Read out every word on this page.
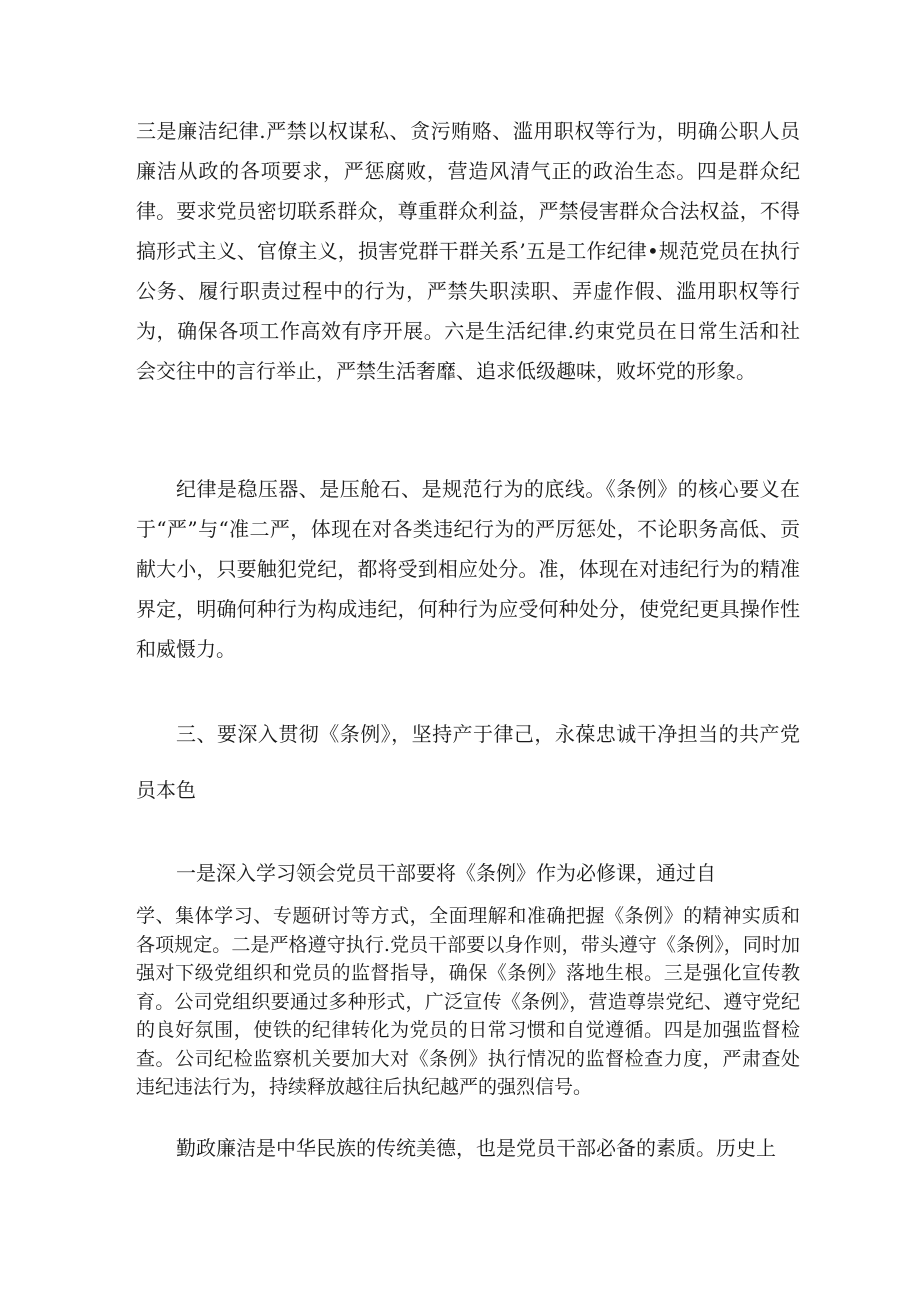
三是廉洁纪律.严禁以权谋私、贪污贿赂、滥用职权等行为，明确公职人员廉洁从政的各项要求，严惩腐败，营造风清气正的政治生态。四是群众纪律。要求党员密切联系群众，尊重群众利益，严禁侵害群众合法权益，不得搞形式主义、官僚主义，损害党群干群关系’五是工作纪律•规范党员在执行公务、履行职责过程中的行为，严禁失职渎职、弄虚作假、滥用职权等行为，确保各项工作高效有序开展。六是生活纪律.约束党员在日常生活和社会交往中的言行举止，严禁生活奢靡、追求低级趣味，败坏党的形象。

纪律是稳压器、是压舱石、是规范行为的底线。《条例》的核心要义在于“严”与“准二严，体现在对各类违纪行为的严厉惩处，不论职务高低、贡献大小，只要触犯党纪，都将受到相应处分。准，体现在对违纪行为的精准界定，明确何种行为构成违纪，何种行为应受何种处分，使党纪更具操作性和威慑力。

三、要深入贯彻《条例》，坚持产于律己，永葆忠诚干净担当的共产党员本色

一是深入学习领会党员干部要将《条例》作为必修课，通过自

学、集体学习、专题研讨等方式，全面理解和准确把握《条例》的精神实质和各项规定。二是严格遵守执行.党员干部要以身作则，带头遵守《条例》，同时加强对下级党组织和党员的监督指导，确保《条例》落地生根。三是强化宣传教育。公司党组织要通过多种形式，广泛宣传《条例》，营造尊崇党纪、遵守党纪的良好氛围，使铁的纪律转化为党员的日常习惯和自觉遵循。四是加强监督检查。公司纪检监察机关要加大对《条例》执行情况的监督检查力度，严肃查处违纪违法行为，持续释放越往后执纪越严的强烈信号。

勤政廉洁是中华民族的传统美德，也是党员干部必备的素质。历史上
